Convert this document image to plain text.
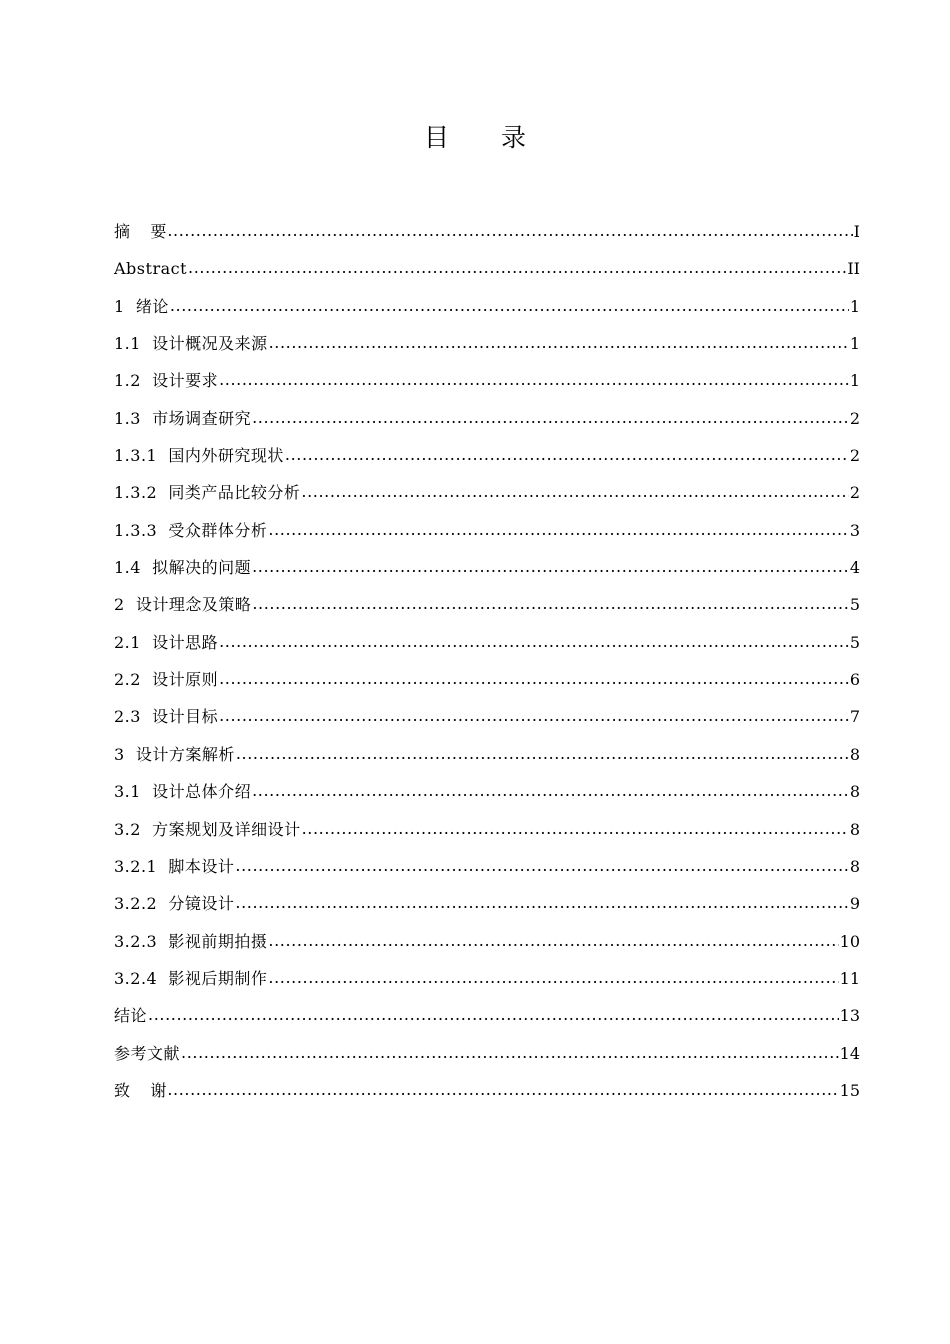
目 录
摘    要 .....	I
Abstract .....	II
1  绪论 .....	1
1.1  设计概况及来源 .....	1
1.2  设计要求 .....	1
1.3  市场调查研究 .....	2
1.3.1  国内外研究现状 .....	2
1.3.2  同类产品比较分析 .....	2
1.3.3  受众群体分析 .....	3
1.4  拟解决的问题 .....	4
2  设计理念及策略 .....	5
2.1  设计思路 .....	5
2.2  设计原则 .....	6
2.3  设计目标 .....	7
3  设计方案解析 .....	8
3.1  设计总体介绍 .....	8
3.2  方案规划及详细设计 .....	8
3.2.1  脚本设计 .....	8
3.2.2  分镜设计 .....	9
3.2.3  影视前期拍摄 .....	10
3.2.4  影视后期制作 .....	11
结论 .....	13
参考文献 .....	14
致    谢 .....	15
